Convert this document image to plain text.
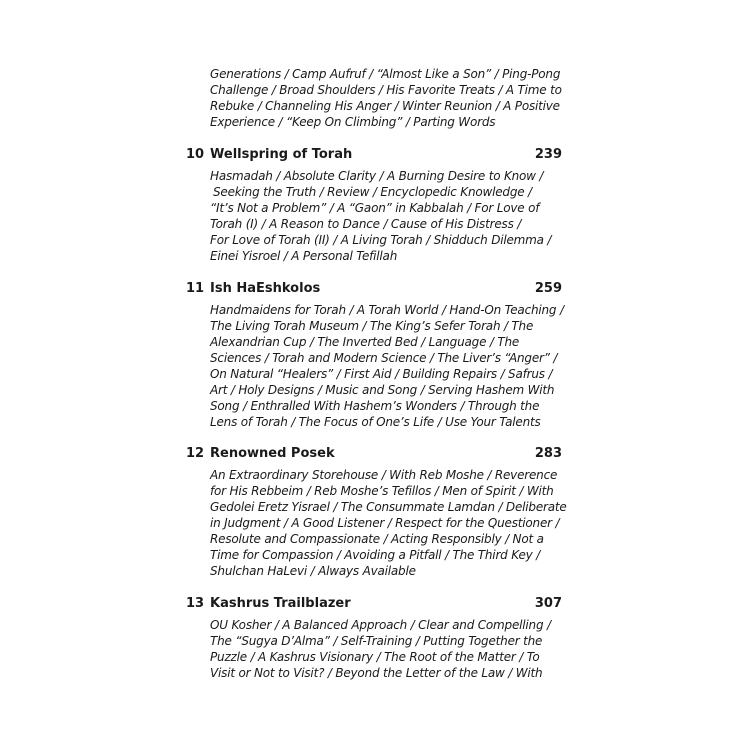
Generations / Camp Aufruf / “Almost Like a Son” / Ping-Pong
Challenge / Broad Shoulders / His Favorite Treats / A Time to
Rebuke / Channeling His Anger / Winter Reunion / A Positive
Experience / “Keep On Climbing” / Parting Words
10 Wellspring of Torah	239
Hasmadah / Absolute Clarity / A Burning Desire to Know /
Seeking the Truth / Review / Encyclopedic Knowledge /
“It’s Not a Problem” / A “Gaon” in Kabbalah / For Love of
Torah (I) / A Reason to Dance / Cause of His Distress /
For Love of Torah (II) / A Living Torah / Shidduch Dilemma /
Einei Yisroel / A Personal Tefillah
11 Ish HaEshkolos	259
Handmaidens for Torah / A Torah World / Hand-On Teaching /
The Living Torah Museum / The King’s Sefer Torah / The
Alexandrian Cup / The Inverted Bed / Language / The
Sciences / Torah and Modern Science / The Liver’s “Anger” /
On Natural “Healers” / First Aid / Building Repairs / Safrus /
Art / Holy Designs / Music and Song / Serving Hashem With
Song / Enthralled With Hashem’s Wonders / Through the
Lens of Torah / The Focus of One’s Life / Use Your Talents
12 Renowned Posek	283
An Extraordinary Storehouse / With Reb Moshe / Reverence
for His Rebbeim / Reb Moshe’s Tefillos / Men of Spirit / With
Gedolei Eretz Yisrael / The Consummate Lamdan / Deliberate
in Judgment / A Good Listener / Respect for the Questioner /
Resolute and Compassionate / Acting Responsibly / Not a
Time for Compassion / Avoiding a Pitfall / The Third Key /
Shulchan HaLevi / Always Available
13 Kashrus Trailblazer	307
OU Kosher / A Balanced Approach / Clear and Compelling /
The “Sugya D’Alma” / Self-Training / Putting Together the
Puzzle / A Kashrus Visionary / The Root of the Matter / To
Visit or Not to Visit? / Beyond the Letter of the Law / With
